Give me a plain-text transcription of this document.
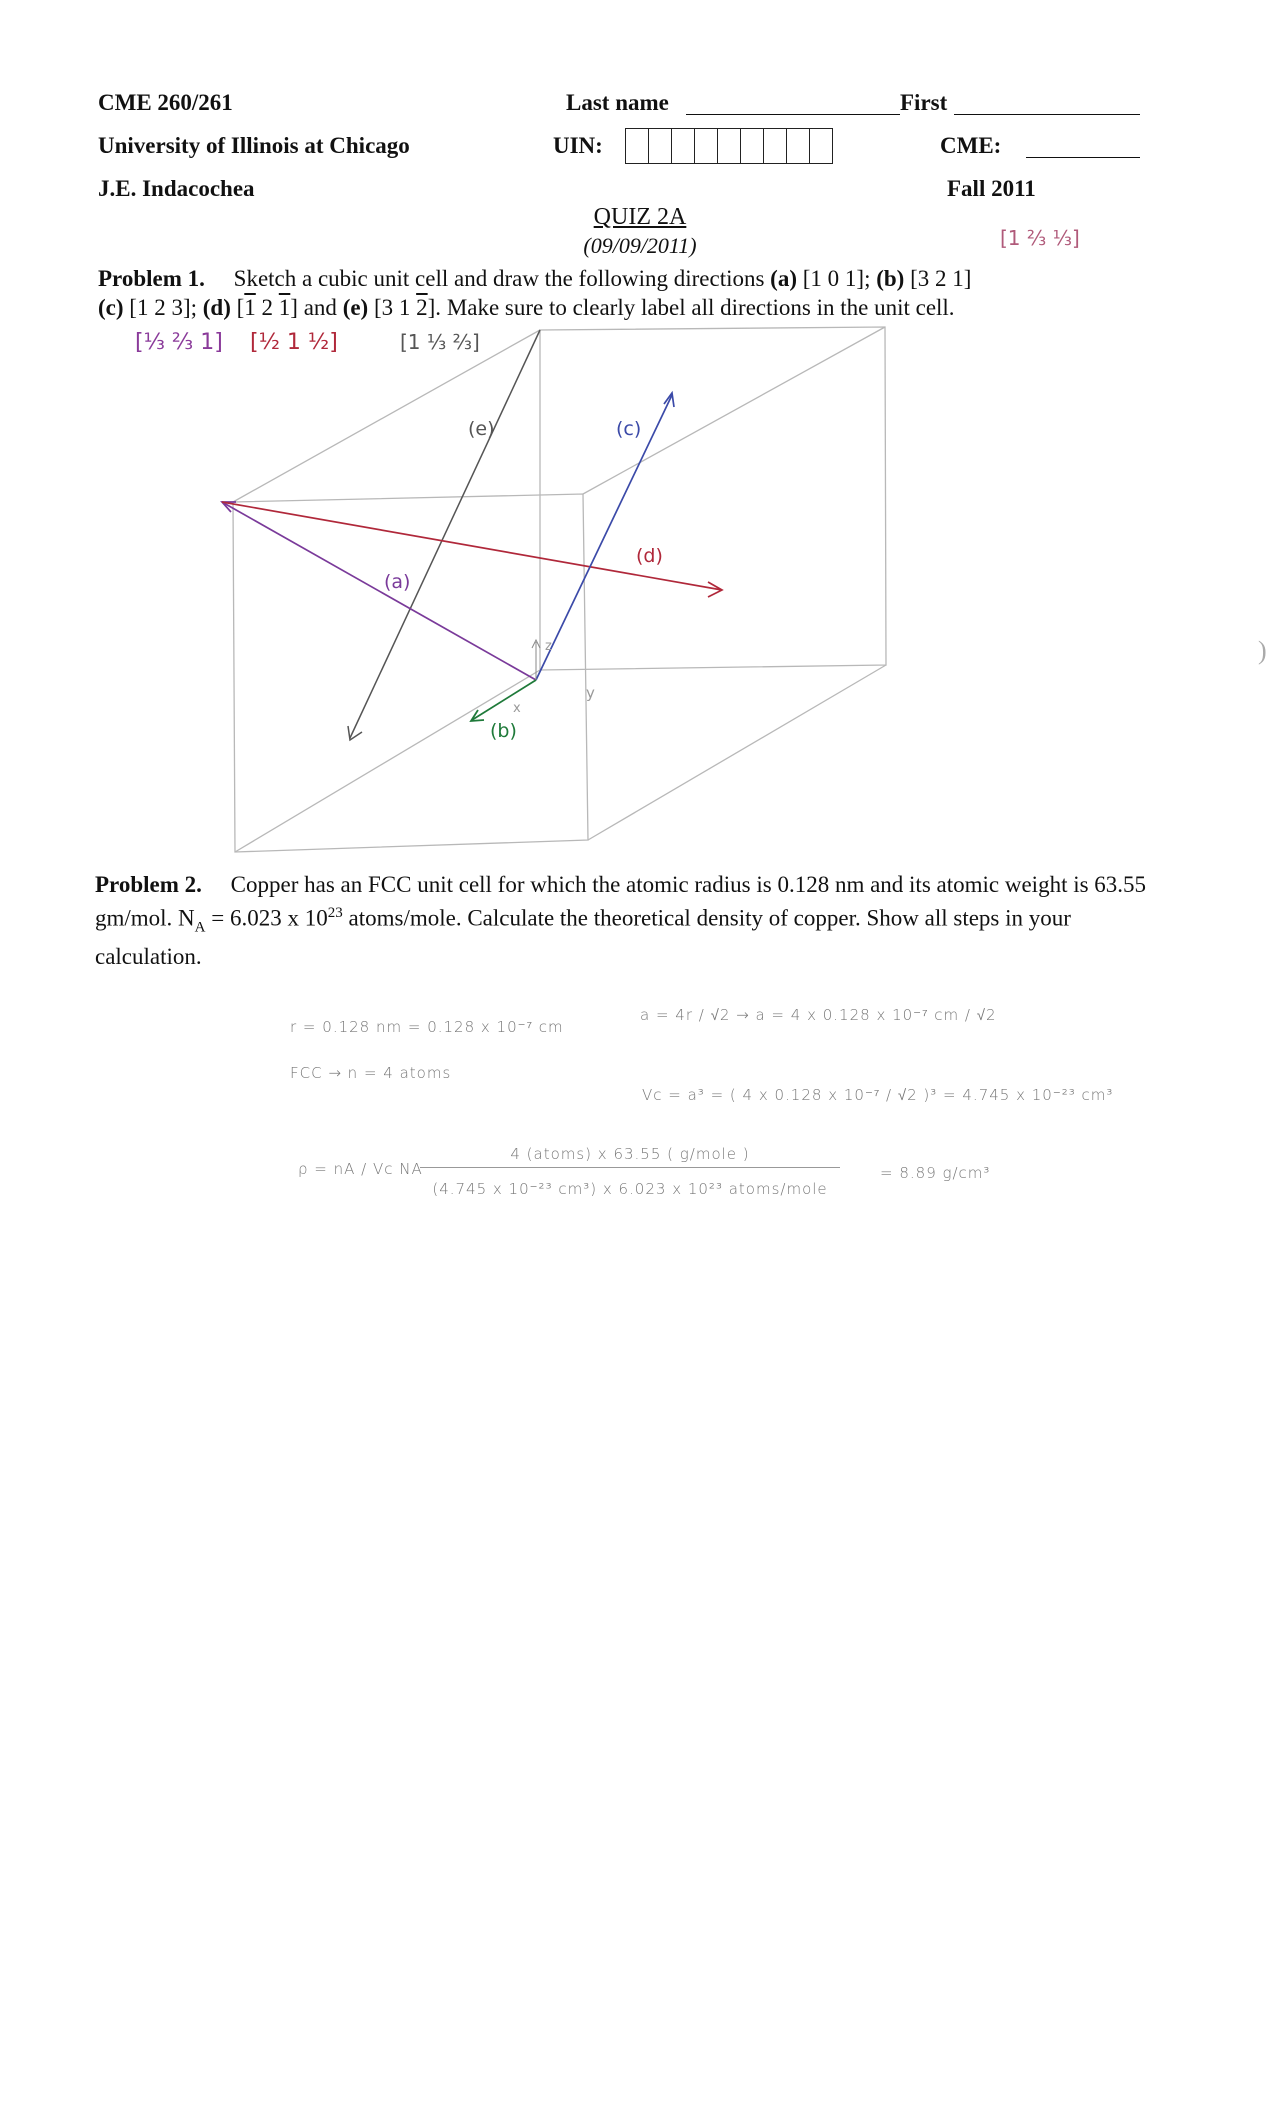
CME 260/261
University of Illinois at Chicago
J.E. Indacochea
Last name	First
UIN:	CME:
Fall 2011
QUIZ 2A
(09/09/2011)
Problem 1. Sketch a cubic unit cell and draw the following directions (a) [1 0 1]; (b) [3 2 1]
(c) [1 2 3]; (d) [1 2 1] and (e) [3 1 2]. Make sure to clearly label all directions in the unit cell.
(e)	(c)
(d)
(a)
(b)
x
y
z
[1 ⅔ ⅓]
[⅓ ⅔ 1] [½ 1 ½]	[1 ⅓ ⅔]
Problem 2. Copper has an FCC unit cell for which the atomic radius is 0.128 nm and its atomic weight is 63.55 gm/mol. $N_A = 6.023$ x $10^{23}$ atoms/mole. Calculate the theoretical density of copper. Show all steps in your calculation.
r = 0.128 nm = 0.128 x 10⁻⁷ cm
FCC → n = 4 atoms
a = 4r / √2 → a = 4 x 0.128 x 10⁻⁷ cm / √2
Vc = a³ = ( 4 x 0.128 x 10⁻⁷ / √2 )³ = 4.745 x 10⁻²³ cm³
ρ = nA / Vc NA
4 (atoms) x 63.55 ( g/mole )
(4.745 x 10⁻²³ cm³) x 6.023 x 10²³ atoms/mole
= 8.89 g/cm³
)
